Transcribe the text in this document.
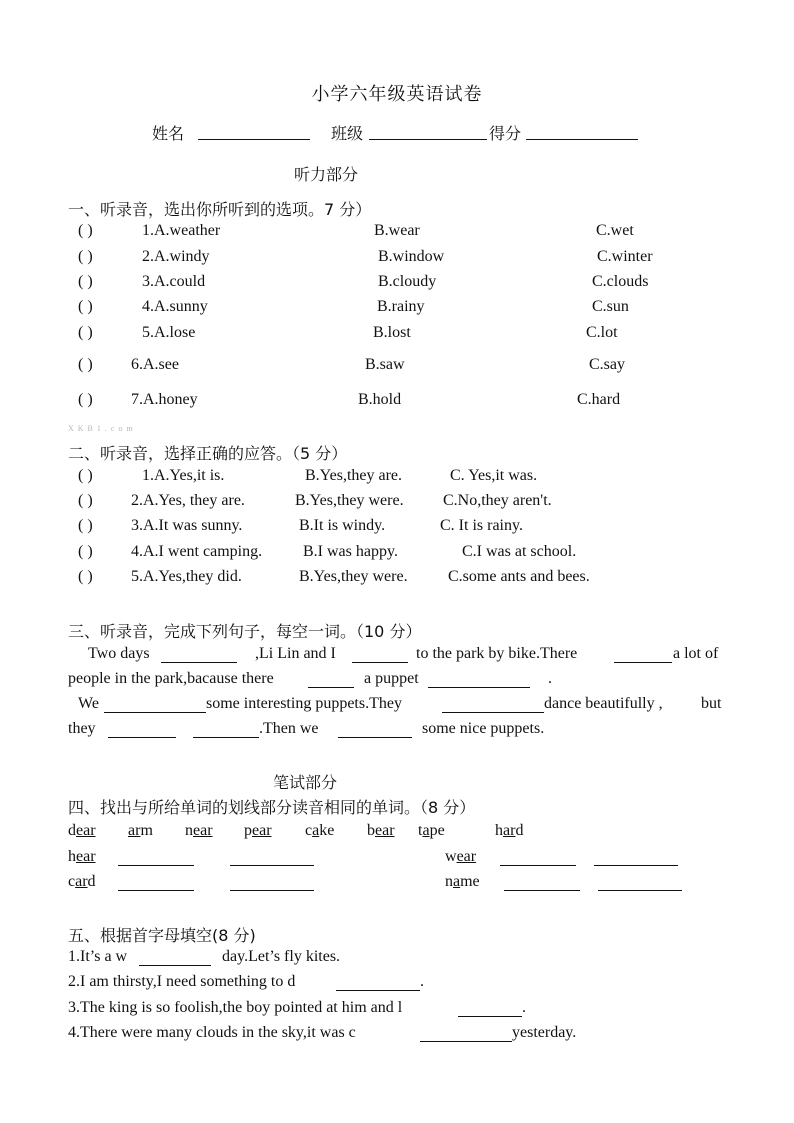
小学六年级英语试卷
姓名	班级	得分
听力部分
一、听录音，选出你所听到的选项。7 分）
( )	1.A.weather	B.wear	C.wet
( )	2.A.windy	B.window	C.winter
( )	3.A.could	B.cloudy	C.clouds
( )	4.A.sunny	B.rainy	C.sun
( )	5.A.lose	B.lost	C.lot
( ) 6.A.see	B.saw	C.say
( ) 7.A.honey	B.hold	C.hard
X K B 1 . c o m
二、听录音，选择正确的应答。（5 分）
( )	1.A.Yes,it is.	B.Yes,they are.	C. Yes,it was.
( ) 2.A.Yes, they are.	B.Yes,they were. C.No,they aren't.
( ) 3.A.It was sunny.	B.It is windy.	C. It is rainy.
( ) 4.A.I went camping.	B.I was happy.	C.I was at school.
( ) 5.A.Yes,they did.	B.Yes,they were.	C.some ants and bees.
三、听录音，完成下列句子，每空一词。（10 分）
Two days	,Li Lin and I	to the park by bike.There	a lot of
people in the park,bacause there	a puppet	.
We	some interesting puppets.They	dance beautifully , but
they	.Then we	some nice puppets.
笔试部分
四、找出与所给单词的划线部分读音相同的单词。（8 分）
dear arm near pear cake bear tape	hard
hear	wear
card	name
五、根据首字母填空(8 分)
1.It’s a w	day.Let’s fly kites.
2.I am thirsty,I need something to d	.
3.The king is so foolish,the boy pointed at him and l	.
4.There were many clouds in the sky,it was c	yesterday.
